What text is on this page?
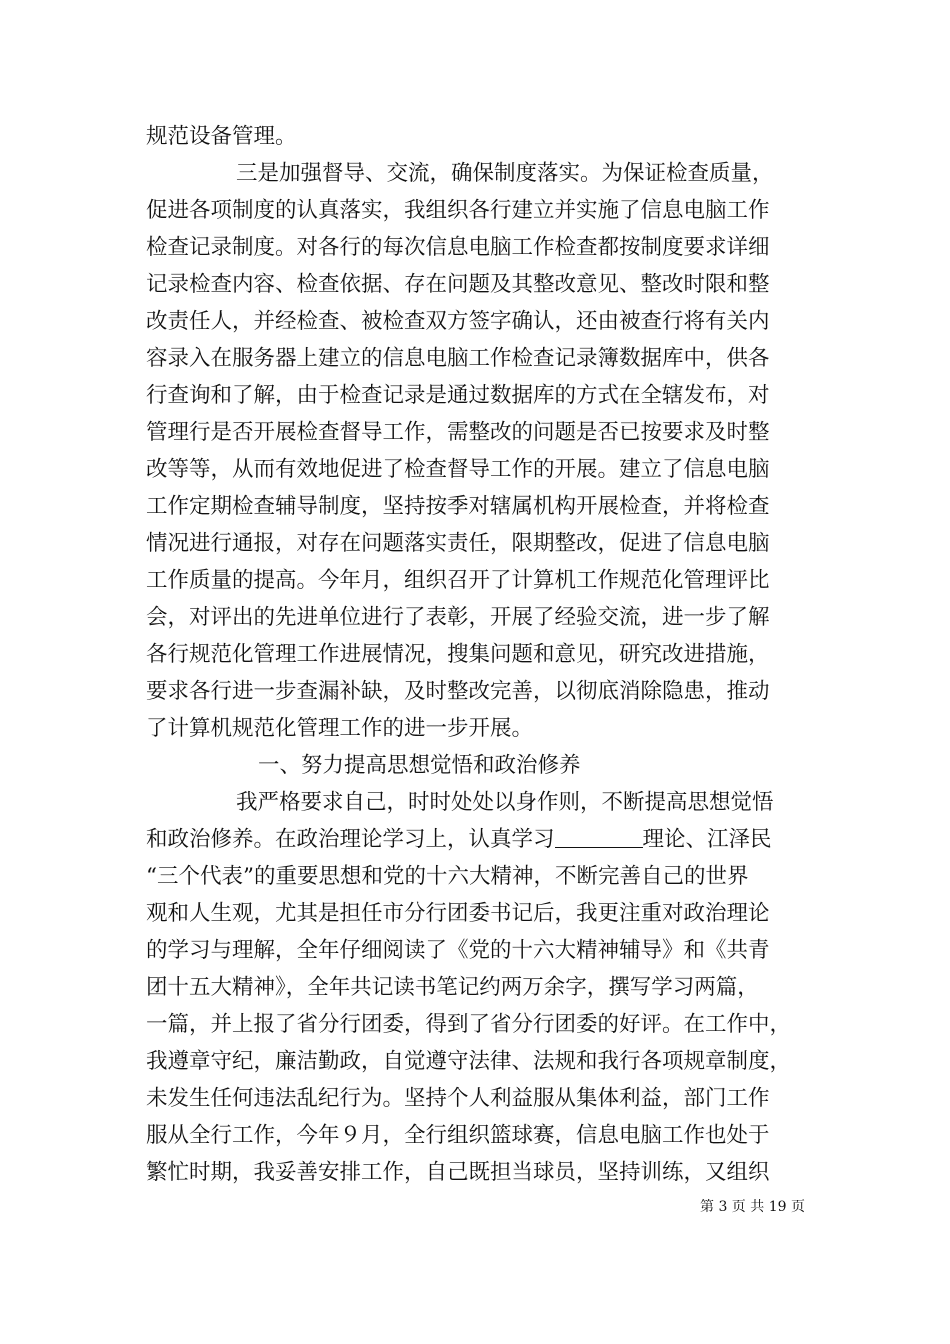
规范设备管理。
三是加强督导、交流，确保制度落实。为保证检查质量，
促进各项制度的认真落实，我组织各行建立并实施了信息电脑工作
检查记录制度。对各行的每次信息电脑工作检查都按制度要求详细
记录检查内容、检查依据、存在问题及其整改意见、整改时限和整
改责任人，并经检查、被检查双方签字确认，还由被查行将有关内
容录入在服务器上建立的信息电脑工作检查记录簿数据库中，供各
行查询和了解，由于检查记录是通过数据库的方式在全辖发布，对
管理行是否开展检查督导工作，需整改的问题是否已按要求及时整
改等等，从而有效地促进了检查督导工作的开展。建立了信息电脑
工作定期检查辅导制度，坚持按季对辖属机构开展检查，并将检查
情况进行通报，对存在问题落实责任，限期整改，促进了信息电脑
工作质量的提高。今年月，组织召开了计算机工作规范化管理评比
会，对评出的先进单位进行了表彰，开展了经验交流，进一步了解
各行规范化管理工作进展情况，搜集问题和意见，研究改进措施，
要求各行进一步查漏补缺，及时整改完善，以彻底消除隐患，推动
了计算机规范化管理工作的进一步开展。
一、努力提高思想觉悟和政治修养
我严格要求自己，时时处处以身作则，不断提高思想觉悟
和政治修养。在政治理论学习上，认真学习	理论、江泽民
“三个代表”的重要思想和党的十六大精神，不断完善自己的世界
观和人生观，尤其是担任市分行团委书记后，我更注重对政治理论
的学习与理解，全年仔细阅读了《党的十六大精神辅导》和《共青
团十五大精神》，全年共记读书笔记约两万余字，撰写学习两篇，
一篇，并上报了省分行团委，得到了省分行团委的好评。在工作中，
我遵章守纪，廉洁勤政，自觉遵守法律、法规和我行各项规章制度，
未发生任何违法乱纪行为。坚持个人利益服从集体利益，部门工作
服从全行工作，今年９月，全行组织篮球赛，信息电脑工作也处于
繁忙时期，我妥善安排工作，自己既担当球员，坚持训练，又组织
第 3 页 共 19 页
